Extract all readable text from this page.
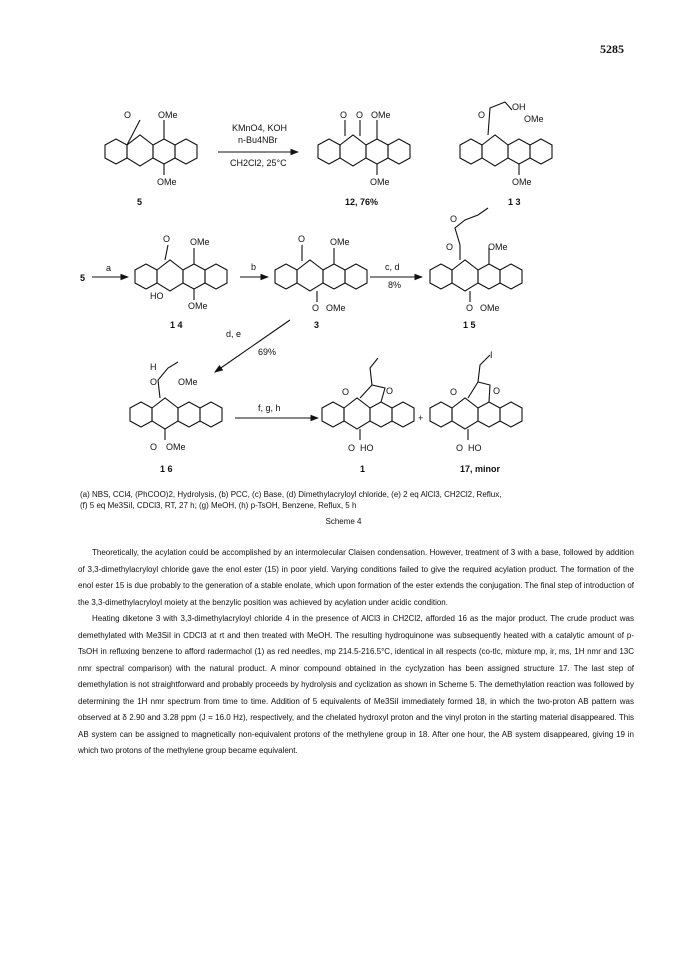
5285
O	OMe
OMe
5
KMnO4, KOH
n-Bu4NBr
CH2Cl2, 25°C
O O OMe
OMe
12, 76%
O
OH
OMe
OMe
1 3
5
a
O OMe
HO
OMe
1 4
b
O	OMe
O OMe
3
c, d
8%
O	OMe
O
O OMe
1 5
d, e
69%
H
O OMe
O OMe
1 6
f, g, h
O	O
O HO
1
+
I
O	O
O HO
17, minor
(a) NBS, CCl4, (PhCOO)2, Hydrolysis, (b) PCC, (c) Base, (d) Dimethylacryloyl chloride, (e) 2 eq AlCl3, CH2Cl2, Reflux,
(f) 5 eq Me3SiI, CDCl3, RT, 27 h; (g) MeOH, (h) p-TsOH, Benzene, Reflux, 5 h
Scheme 4

Theoretically, the acylation could be accomplished by an intermolecular Claisen condensation. However, treatment of 3 with a base, followed by addition of 3,3-dimethylacryloyl chloride gave the enol ester (15) in poor yield. Varying conditions failed to give the required acylation product. The formation of the enol ester 15 is due probably to the generation of a stable enolate, which upon formation of the ester extends the conjugation. The final step of introduction of the 3,3-dimethylacryloyl moiety at the benzylic position was achieved by acylation under acidic condition.

Heating diketone 3 with 3,3-dimethylacryloyl chloride 4 in the presence of AlCl3 in CH2Cl2, afforded 16 as the major product. The crude product was demethylated with Me3SiI in CDCl3 at rt and then treated with MeOH. The resulting hydroquinone was subsequently heated with a catalytic amount of p-TsOH in refluxing benzene to afford radermachol (1) as red needles, mp 214.5-216.5°C, identical in all respects (co-tlc, mixture mp, ir, ms, 1H nmr and 13C nmr spectral comparison) with the natural product. A minor compound obtained in the cyclyzation has been assigned structure 17. The last step of demethylation is not straightforward and probably proceeds by hydrolysis and cyclization as shown in Scheme 5. The demethylation reaction was followed by determining the 1H nmr spectrum from time to time. Addition of 5 equivalents of Me3SiI immediately formed 18, in which the two-proton AB pattern was observed at δ 2.90 and 3.28 ppm (J = 16.0 Hz), respectively, and the chelated hydroxyl proton and the vinyl proton in the starting material disappeared. This AB system can be assigned to magnetically non-equivalent protons of the methylene group in 18. After one hour, the AB system disappeared, giving 19 in which two protons of the methylene group became equivalent.
